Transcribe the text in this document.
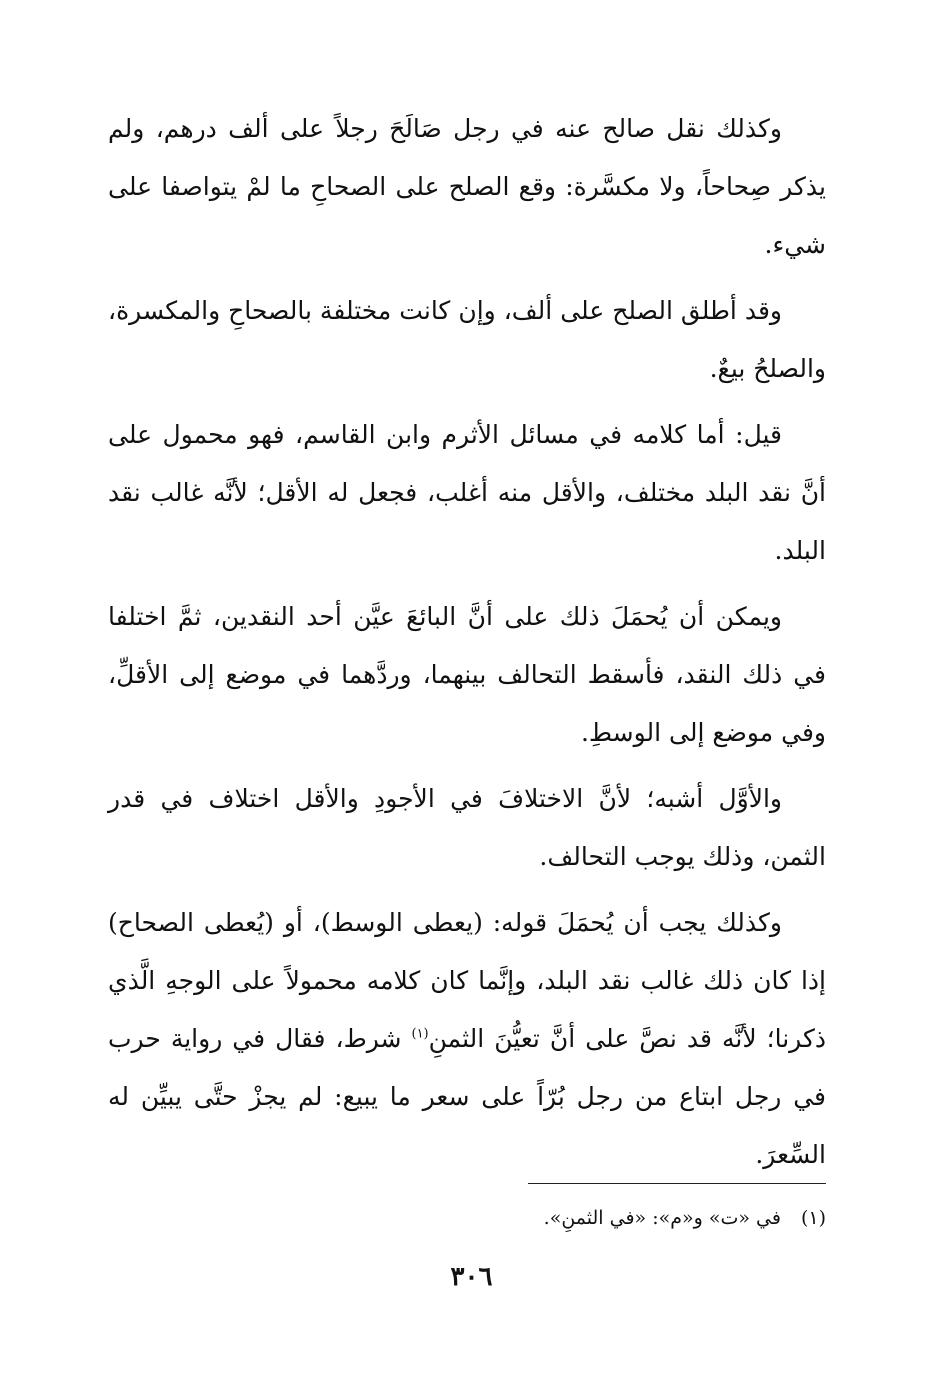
وكذلك نقل صالح عنه في رجل صَالَحَ رجلاً على ألف درهم، ولم يذكر صِحاحاً، ولا مكسَّرة: وقع الصلح على الصحاحِ ما لمْ يتواصفا على شيء.

وقد أطلق الصلح على ألف، وإن كانت مختلفة بالصحاحِ والمكسرة، والصلحُ بيعٌ.

قيل: أما كلامه في مسائل الأثرم وابن القاسم، فهو محمول على أنَّ نقد البلد مختلف، والأقل منه أغلب، فجعل له الأقل؛ لأنَّه غالب نقد البلد.

ويمكن أن يُحمَلَ ذلك على أنَّ البائعَ عيَّن أحد النقدين، ثمَّ اختلفا في ذلك النقد، فأسقط التحالف بينهما، وردَّهما في موضع إلى الأقلِّ، وفي موضع إلى الوسطِ.

والأوَّل أشبه؛ لأنَّ الاختلافَ في الأجودِ والأقل اختلاف في قدر الثمن، وذلك يوجب التحالف.

وكذلك يجب أن يُحمَلَ قوله: (يعطى الوسط)، أو (يُعطى الصحاح) إذا كان ذلك غالب نقد البلد، وإنَّما كان كلامه محمولاً على الوجهِ الَّذي ذكرنا؛ لأنَّه قد نصَّ على أنَّ تعيُّنَ الثمنِ$^{(١)}$ شرط، فقال في رواية حرب في رجل ابتاع من رجل بُرّاً على سعر ما يبيع: لم يجزْ حتَّى يبيِّن له السِّعرَ.

(١)في «ت» و«م»: «في الثمنِ».
٣٠٦
